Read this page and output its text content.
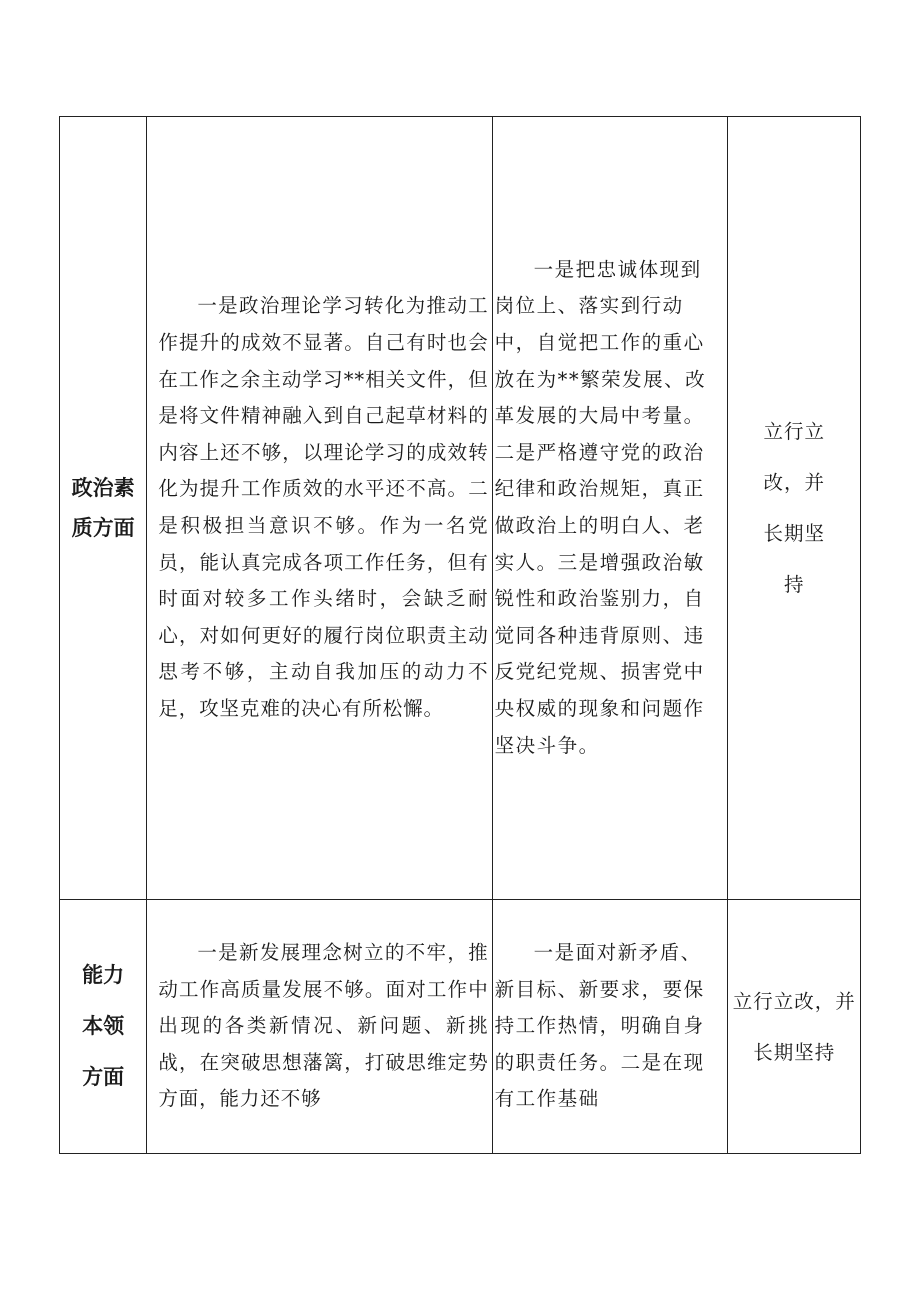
政治素
质方面	一是政治理论学习转化为推动工作提升的成效不显著。自己有时也会在工作之余主动学习**相关文件，但是将文件精神融入到自己起草材料的内容上还不够，以理论学习的成效转化为提升工作质效的水平还不高。二是积极担当意识不够。作为一名党员，能认真完成各项工作任务，但有时面对较多工作头绪时，会缺乏耐心，对如何更好的履行岗位职责主动思考不够，主动自我加压的动力不足，攻坚克难的决心有所松懈。	一是把忠诚体现到岗位上、落实到行动中，自觉把工作的重心放在为**繁荣发展、改革发展的大局中考量。二是严格遵守党的政治纪律和政治规矩，真正做政治上的明白人、老实人。三是增强政治敏锐性和政治鉴别力，自觉同各种违背原则、违反党纪党规、损害党中央权威的现象和问题作坚决斗争。	立行立改，并长期坚持

能力
本领
方面	一是新发展理念树立的不牢，推动工作高质量发展不够。面对工作中出现的各类新情况、新问题、新挑战，在突破思想藩篱，打破思维定势方面，能力还不够	一是面对新矛盾、新目标、新要求，要保持工作热情，明确自身的职责任务。二是在现有工作基础	立行立改，并长期坚持
